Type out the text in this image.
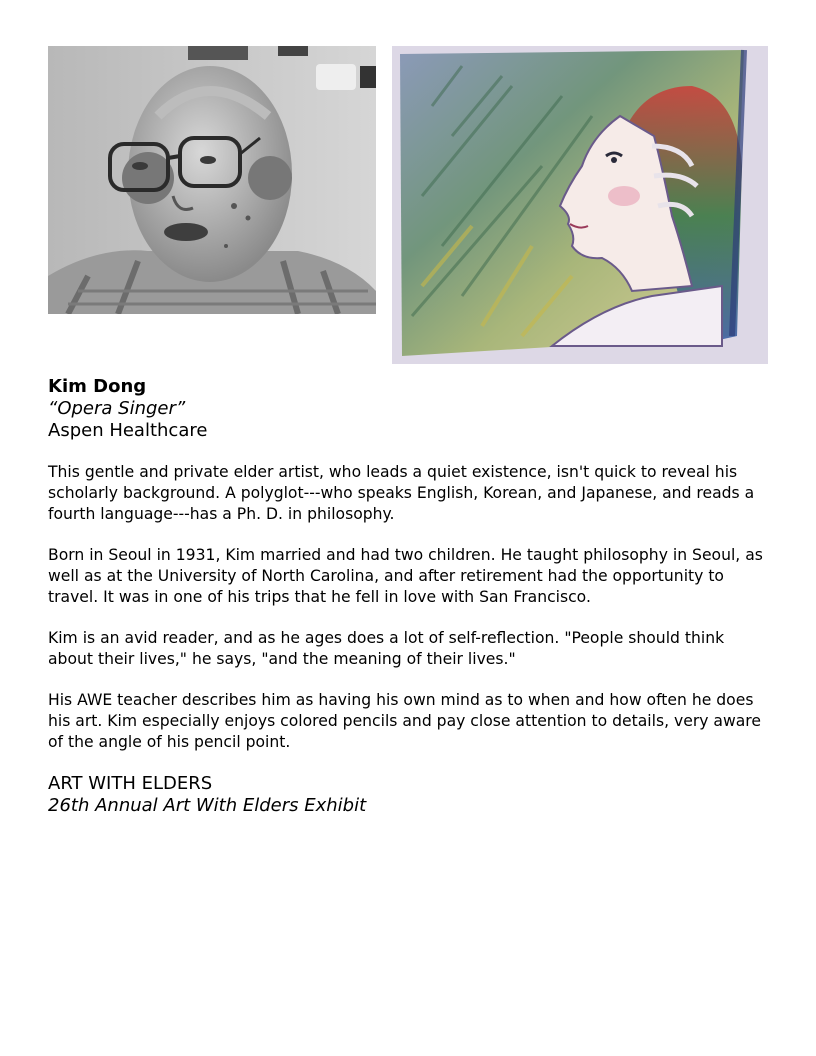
Kim Dong

“Opera Singer”

Aspen Healthcare

This gentle and private elder artist, who leads a quiet existence, isn't quick to reveal his scholarly background. A polyglot---who speaks English, Korean, and Japanese, and reads a fourth language---has a Ph. D. in philosophy.

Born in Seoul in 1931, Kim married and had two children. He taught philosophy in Seoul, as well as at the University of North Carolina, and after retirement had the opportunity to travel. It was in one of his trips that he fell in love with San Francisco.

Kim is an avid reader, and as he ages does a lot of self-reflection. "People should think about their lives," he says, "and the meaning of their lives."

His AWE teacher describes him as having his own mind as to when and how often he does his art. Kim especially enjoys colored pencils and pay close attention to details, very aware of the angle of his pencil point.

ART WITH ELDERS

26th Annual Art With Elders Exhibit
